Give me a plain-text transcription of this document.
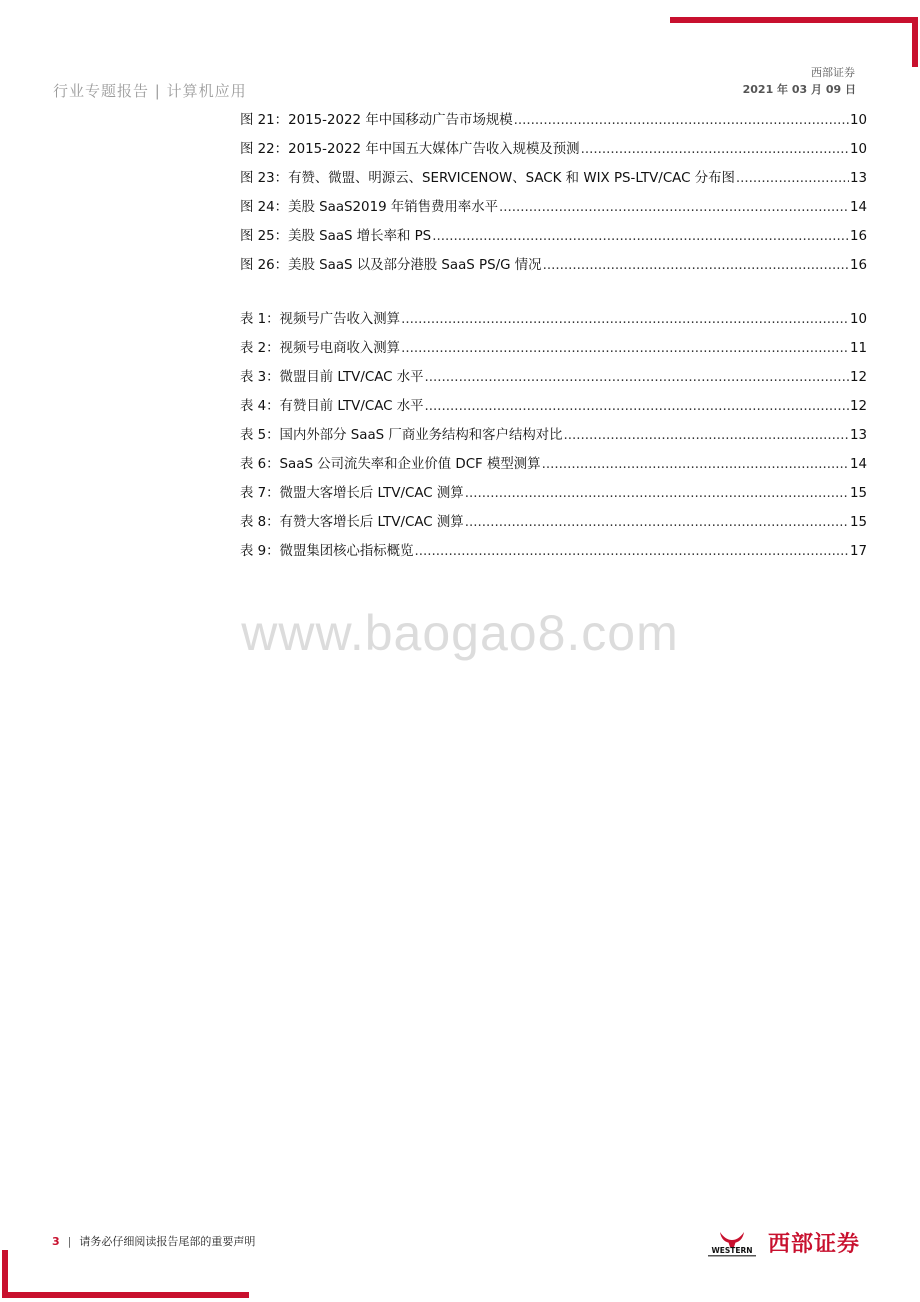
行业专题报告 | 计算机应用
西部证券
2021 年 03 月 09 日
图 21：2015-2022 年中国移动广告市场规模 .....	10
图 22：2015-2022 年中国五大媒体广告收入规模及预测 .....	10
图 23：有赞、微盟、明源云、SERVICENOW、SACK 和 WIX PS-LTV/CAC 分布图 .....	13
图 24：美股 SaaS2019 年销售费用率水平 .....	14
图 25：美股 SaaS 增长率和 PS .....	16
图 26：美股 SaaS 以及部分港股 SaaS PS/G 情况 .....	16
表 1：视频号广告收入测算 .....	10
表 2：视频号电商收入测算 .....	11
表 3：微盟目前 LTV/CAC 水平 .....	12
表 4：有赞目前 LTV/CAC 水平 .....	12
表 5：国内外部分 SaaS 厂商业务结构和客户结构对比 .....	13
表 6：SaaS 公司流失率和企业价值 DCF 模型测算 .....	14
表 7：微盟大客增长后 LTV/CAC 测算 .....	15
表 8：有赞大客增长后 LTV/CAC 测算 .....	15
表 9：微盟集团核心指标概览 .....	17
www.baogao8.com
3 | 请务必仔细阅读报告尾部的重要声明
WESTERN 西部证券
